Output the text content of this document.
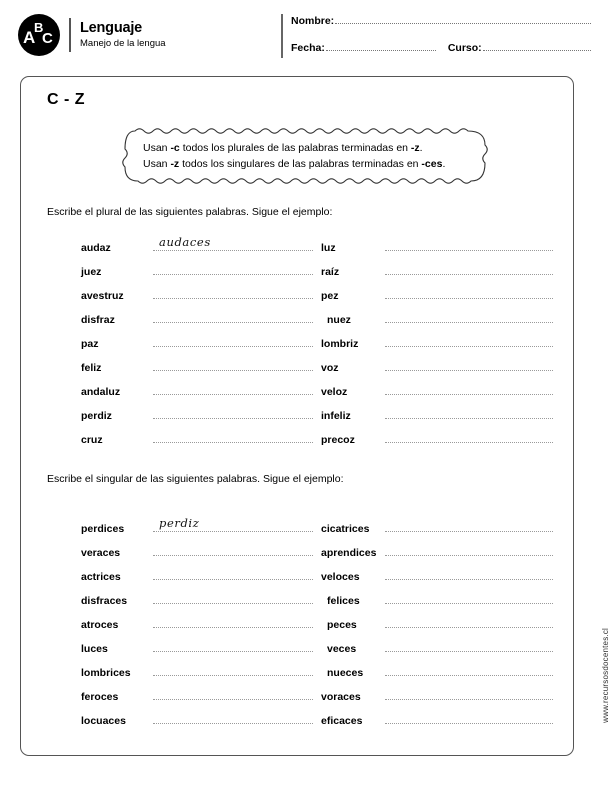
A
B
C
Lenguaje
Manejo de la lengua
Nombre:
Fecha:	Curso:
C - Z

Usan -c todos los plurales de las palabras terminadas en -z.

Usan -z todos los singulares de las palabras terminadas en -ces.

Escribe el plural de las siguientes palabras. Sigue el ejemplo:
audaz	audaces	luz
juez	raíz
avestruz	pez
disfraz	nuez
paz	lombriz
feliz	voz
andaluz	veloz
perdiz	infeliz
cruz	precoz
Escribe el singular de las siguientes palabras. Sigue el ejemplo:
perdices	perdiz	cicatrices
veraces	aprendices
actrices	veloces
disfraces	felices
atroces	peces
luces	veces
lombrices	nueces
feroces	voraces
locuaces	eficaces	www.recursosdocentes.cl
